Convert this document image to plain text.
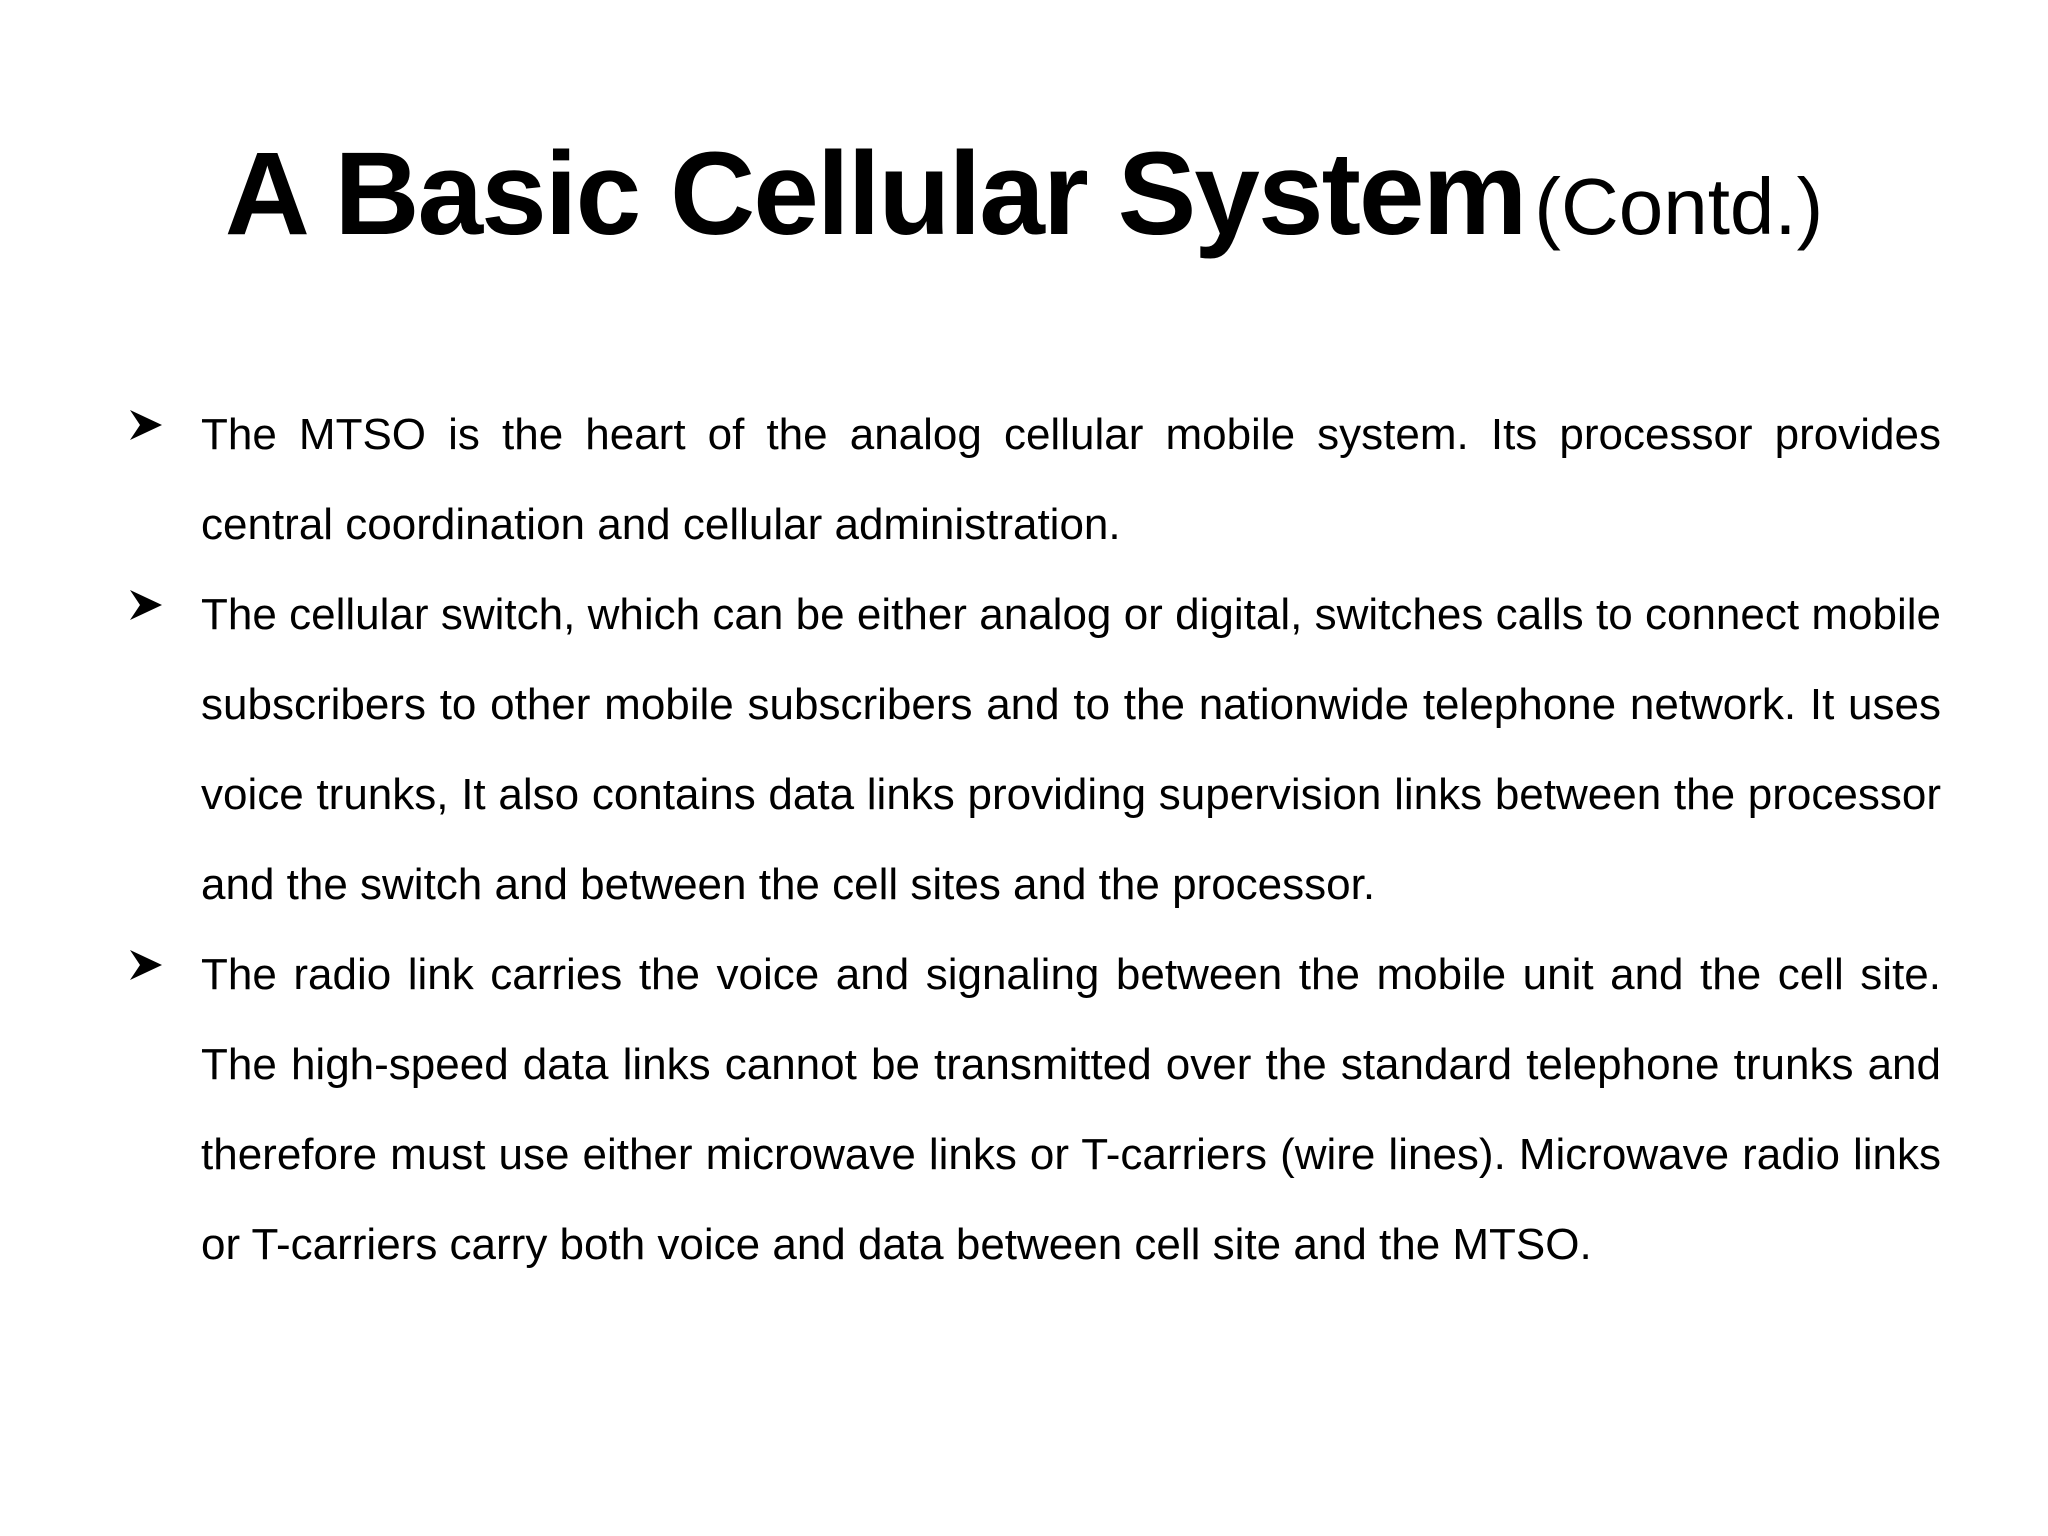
A Basic Cellular System (Contd.)
The MTSO is the heart of the analog cellular mobile system. Its processor provides central coordination and cellular administration.
The cellular switch, which can be either analog or digital, switches calls to connect mobile subscribers to other mobile subscribers and to the nationwide telephone network. It uses voice trunks, It also contains data links providing supervision links between the processor and the switch and between the cell sites and the processor.
The radio link carries the voice and signaling between the mobile unit and the cell site. The high-speed data links cannot be transmitted over the standard telephone trunks and therefore must use either microwave links or T-carriers (wire lines). Microwave radio links or T-carriers carry both voice and data between cell site and the MTSO.
